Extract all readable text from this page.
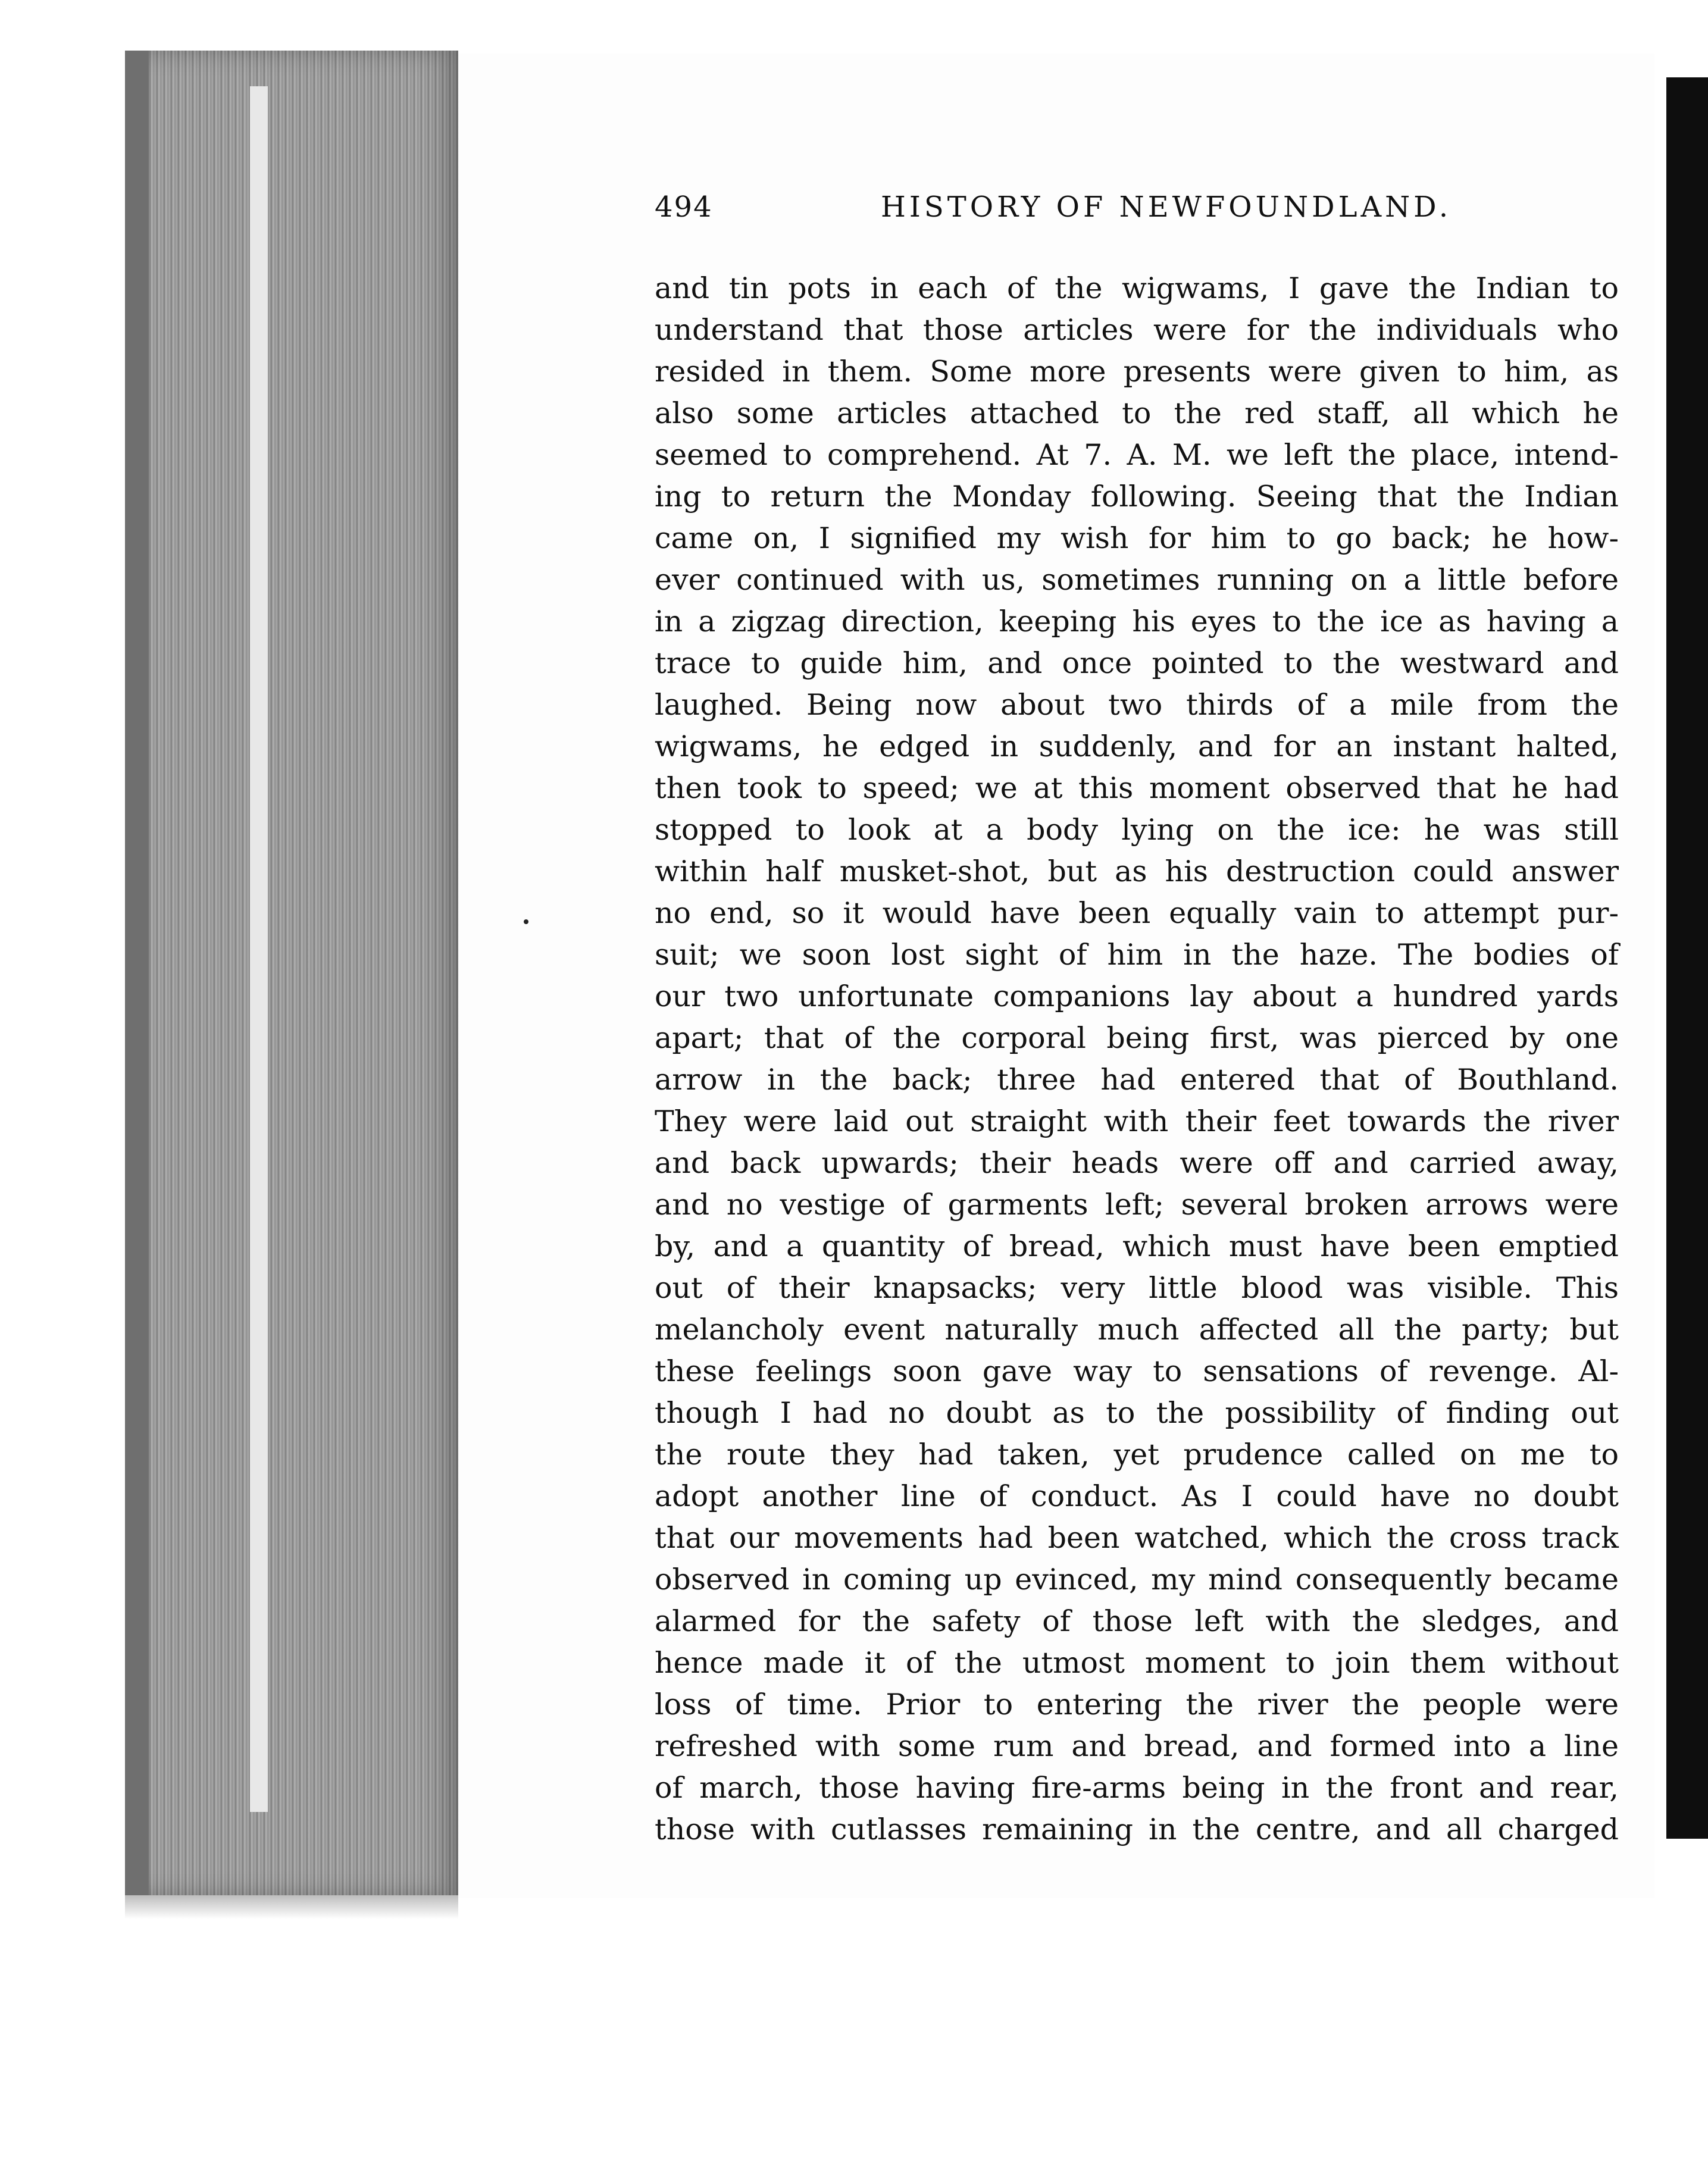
494	HISTORY OF NEWFOUNDLAND.
and tin pots in each of the wigwams, I gave the Indian to
understand that those articles were for the individuals who
resided in them. Some more presents were given to him, as
also some articles attached to the red staff, all which he
seemed to comprehend. At 7. A. M. we left the place, intend-
ing to return the Monday following. Seeing that the Indian
came on, I signified my wish for him to go back; he how-
ever continued with us, sometimes running on a little before
in a zigzag direction, keeping his eyes to the ice as having a
trace to guide him, and once pointed to the westward and
laughed. Being now about two thirds of a mile from the
wigwams, he edged in suddenly, and for an instant halted,
then took to speed; we at this moment observed that he had
stopped to look at a body lying on the ice: he was still
within half musket-shot, but as his destruction could answer
no end, so it would have been equally vain to attempt pur-
suit; we soon lost sight of him in the haze. The bodies of
our two unfortunate companions lay about a hundred yards
apart; that of the corporal being first, was pierced by one
arrow in the back; three had entered that of Bouthland.
They were laid out straight with their feet towards the river
and back upwards; their heads were off and carried away,
and no vestige of garments left; several broken arrows were
by, and a quantity of bread, which must have been emptied
out of their knapsacks; very little blood was visible. This
melancholy event naturally much affected all the party; but
these feelings soon gave way to sensations of revenge. Al-
though I had no doubt as to the possibility of finding out
the route they had taken, yet prudence called on me to
adopt another line of conduct. As I could have no doubt
that our movements had been watched, which the cross track
observed in coming up evinced, my mind consequently became
alarmed for the safety of those left with the sledges, and
hence made it of the utmost moment to join them without
loss of time. Prior to entering the river the people were
refreshed with some rum and bread, and formed into a line
of march, those having fire-arms being in the front and rear,
those with cutlasses remaining in the centre, and all charged
